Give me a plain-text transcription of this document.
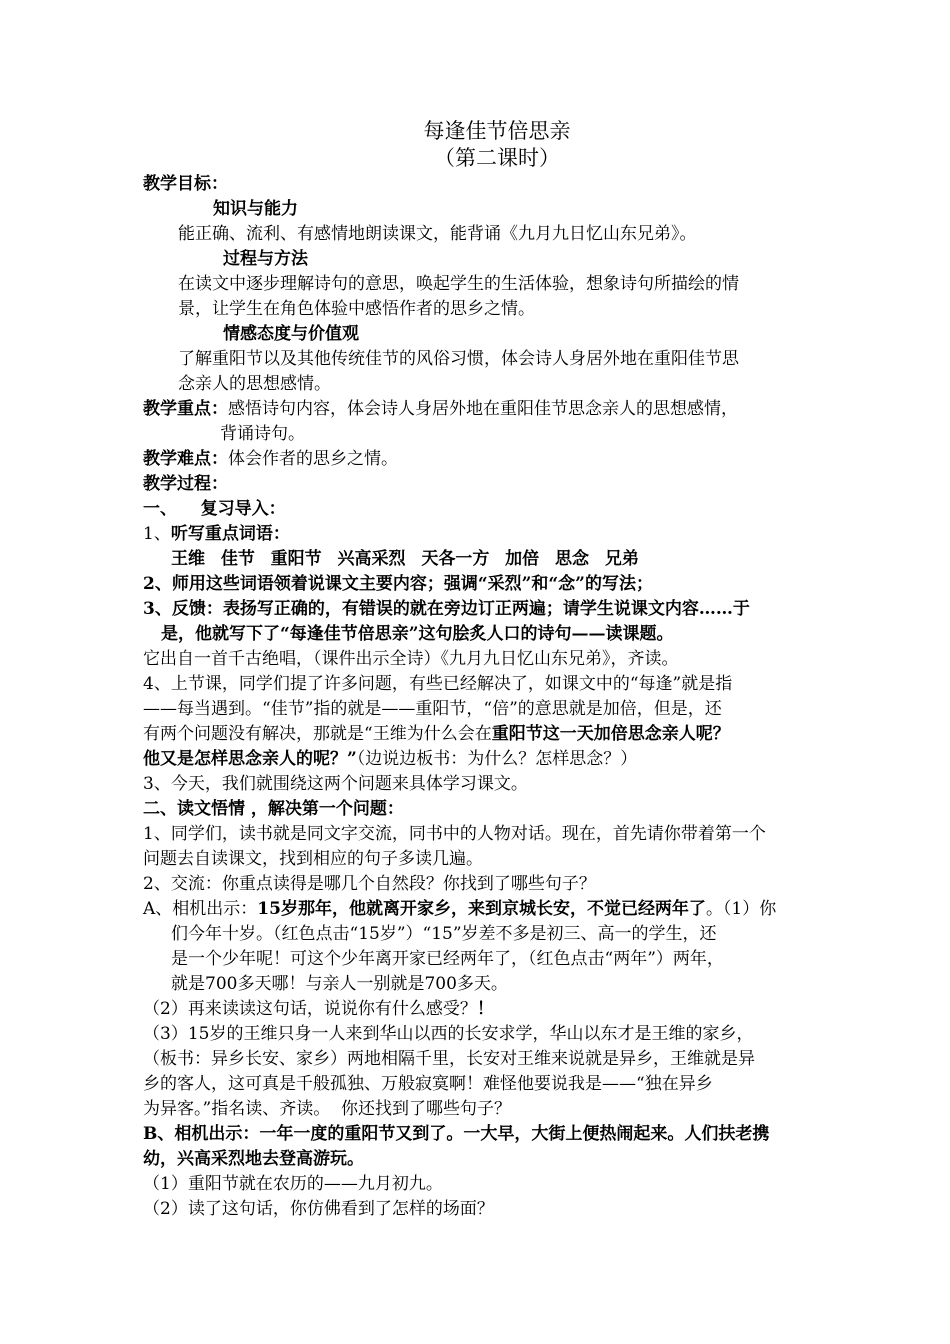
每逢佳节倍思亲
（第二课时）
教学目标：
知识与能力
能正确、流利、有感情地朗读课文，能背诵《九月九日忆山东兄弟》。
过程与方法
在读文中逐步理解诗句的意思，唤起学生的生活体验，想象诗句所描绘的情
景，让学生在角色体验中感悟作者的思乡之情。
情感态度与价值观
了解重阳节以及其他传统佳节的风俗习惯，体会诗人身居外地在重阳佳节思
念亲人的思想感情。
教学重点：感悟诗句内容，体会诗人身居外地在重阳佳节思念亲人的思想感情，
背诵诗句。
教学难点：体会作者的思乡之情。
教学过程：
一、    复习导入：
1、听写重点词语：
王维  佳节  重阳节  兴高采烈  天各一方  加倍  思念  兄弟
2、师用这些词语领着说课文主要内容；强调“采烈”和“念”的写法；
3、反馈：表扬写正确的，有错误的就在旁边订正两遍；请学生说课文内容……于
是，他就写下了“每逢佳节倍思亲”这句脍炙人口的诗句——读课题。
它出自一首千古绝唱，（课件出示全诗）《九月九日忆山东兄弟》，齐读。
4、上节课，同学们提了许多问题，有些已经解决了，如课文中的“每逢”就是指
——每当遇到。“佳节”指的就是——重阳节，“倍”的意思就是加倍，但是，还
有两个问题没有解决，那就是“王维为什么会在重阳节这一天加倍思念亲人呢？
他又是怎样思念亲人的呢？”（边说边板书：为什么？怎样思念？）
3、今天，我们就围绕这两个问题来具体学习课文。
二、读文悟情 ，解决第一个问题：
1、同学们，读书就是同文字交流，同书中的人物对话。现在，首先请你带着第一个
问题去自读课文，找到相应的句子多读几遍。
2、交流：你重点读得是哪几个自然段？你找到了哪些句子？
A、相机出示：15岁那年，他就离开家乡，来到京城长安，不觉已经两年了。（1）你
们今年十岁。（红色点击“15岁”）“15”岁差不多是初三、高一的学生，还
是一个少年呢！可这个少年离开家已经两年了，（红色点击“两年”）两年，
就是700多天哪！与亲人一别就是700多天。
（2）再来读读这句话，说说你有什么感受？！
（3）15岁的王维只身一人来到华山以西的长安求学，华山以东才是王维的家乡，
（板书：异乡长安、家乡）两地相隔千里，长安对王维来说就是异乡，王维就是异
乡的客人，这可真是千般孤独、万般寂寞啊！难怪他要说我是——“独在异乡
为异客。”指名读、齐读。  你还找到了哪些句子？
B、相机出示：一年一度的重阳节又到了。一大早，大街上便热闹起来。人们扶老携
幼，兴高采烈地去登高游玩。
（1）重阳节就在农历的——九月初九。
（2）读了这句话，你仿佛看到了怎样的场面？
